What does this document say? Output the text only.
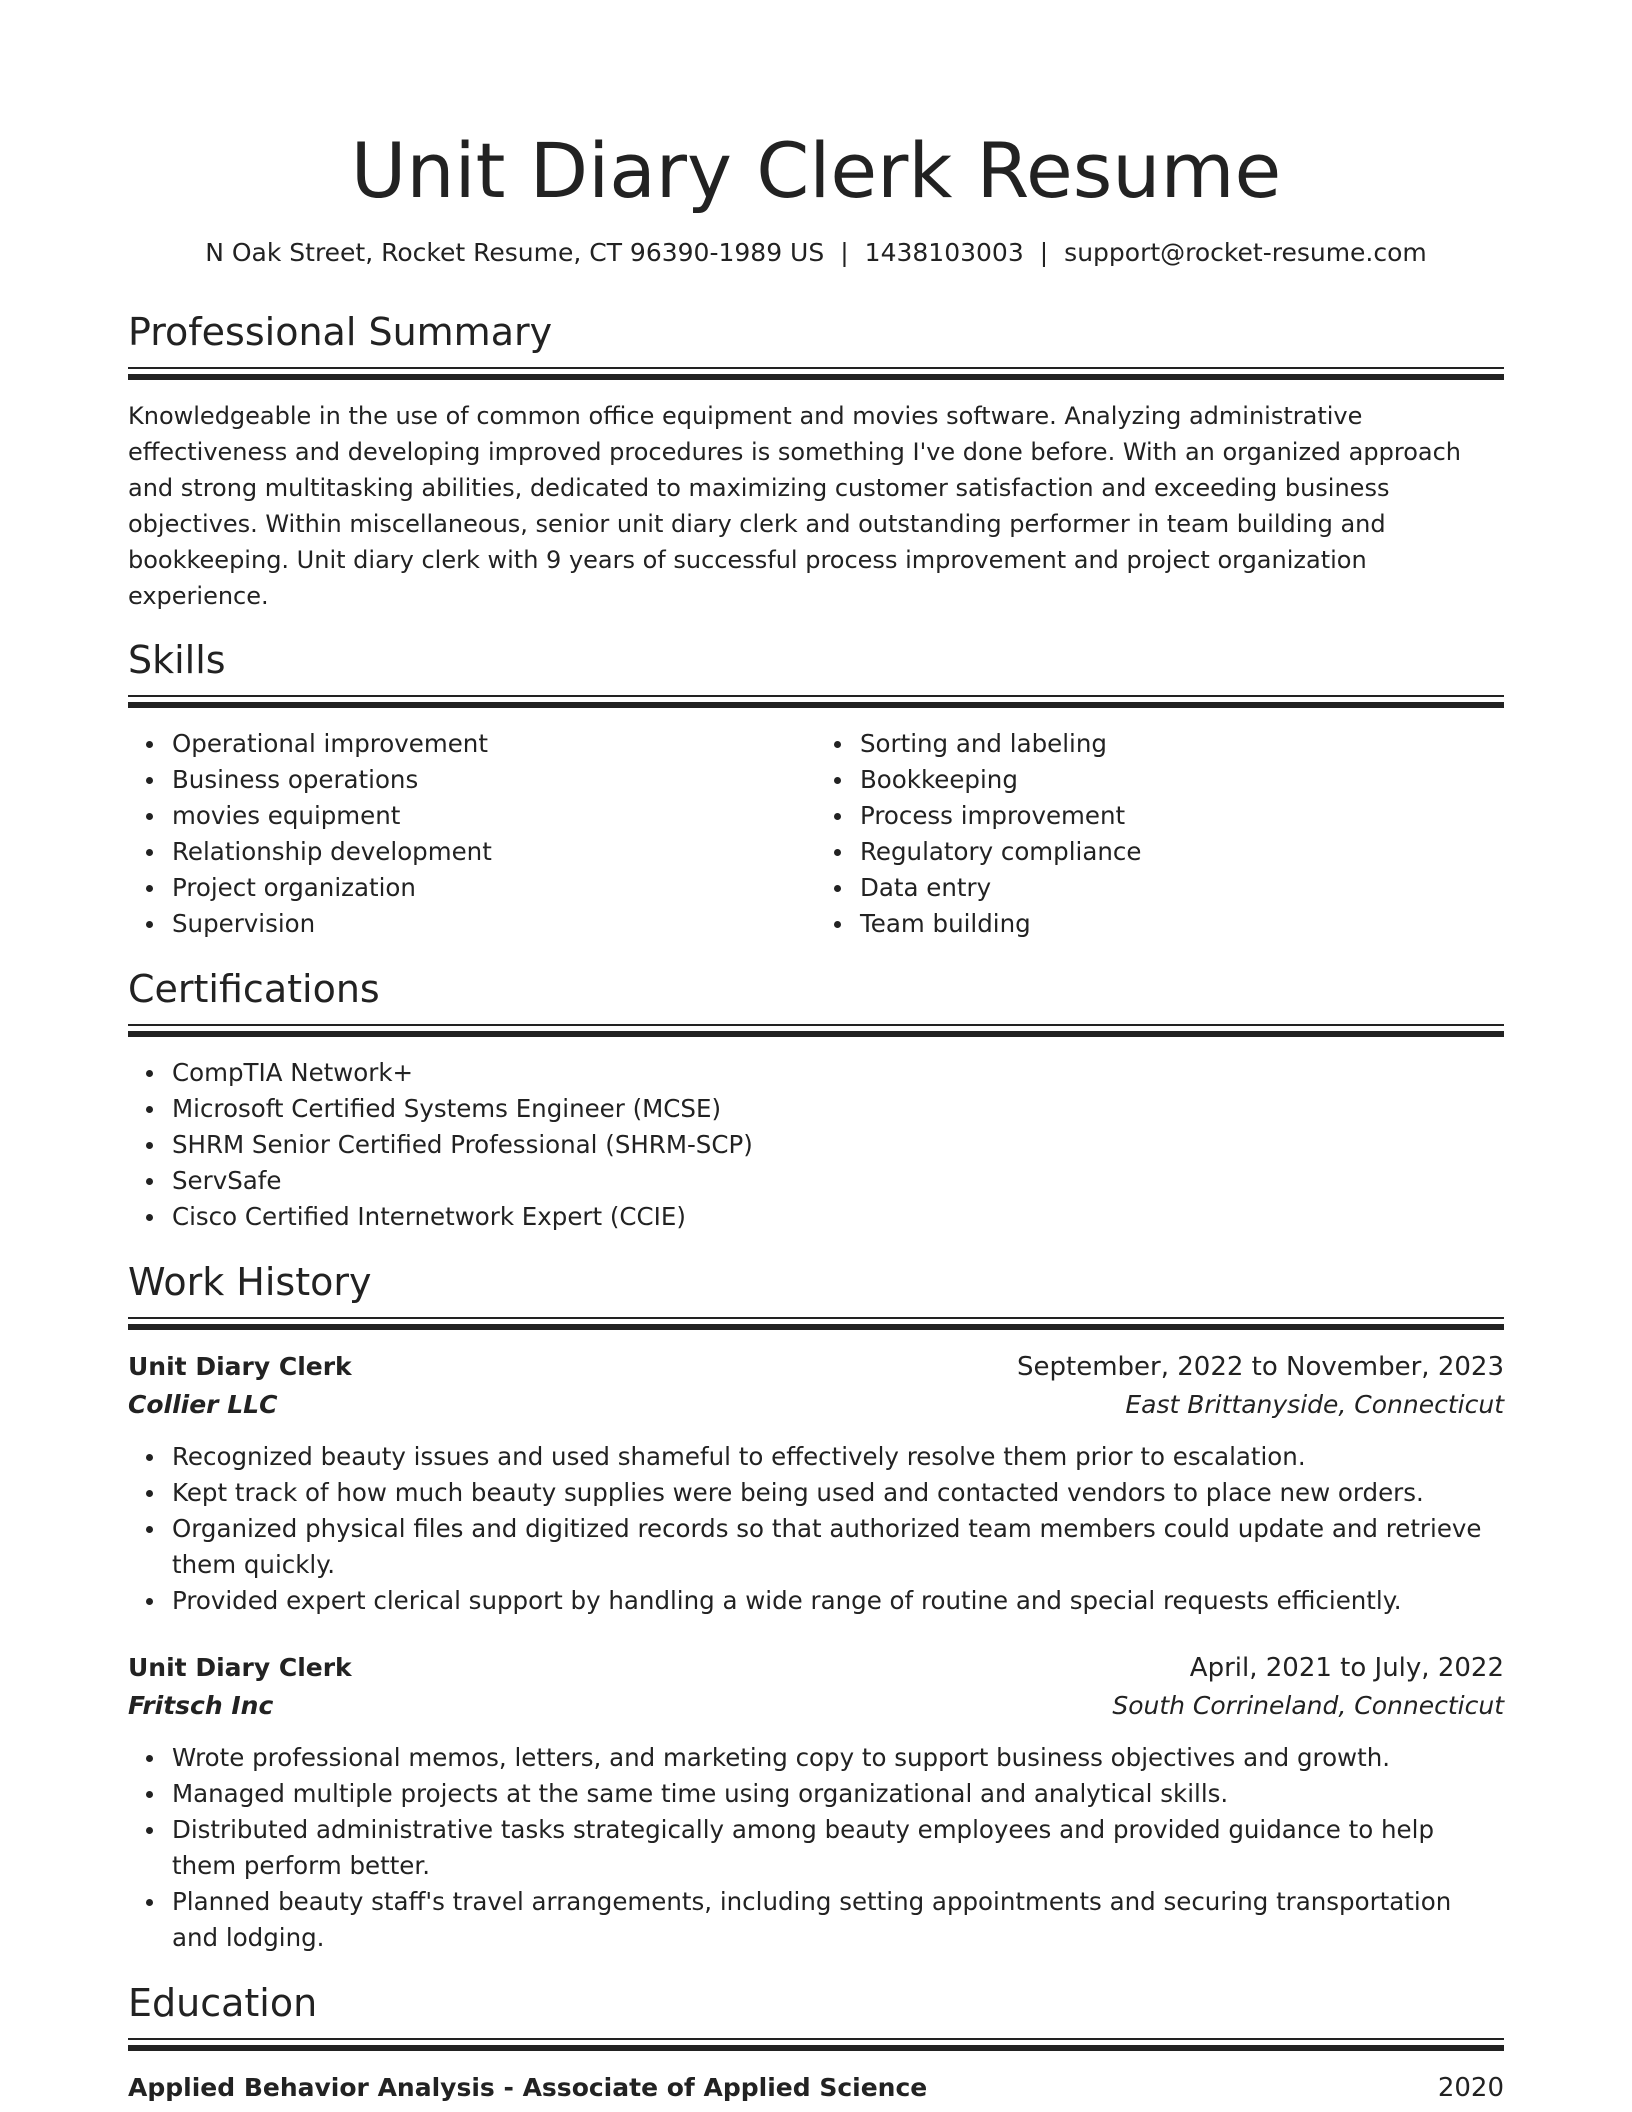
Unit Diary Clerk Resume
N Oak Street, Rocket Resume, CT 96390-1989 US | 1438103003 | support@rocket-resume.com
Professional Summary
Knowledgeable in the use of common office equipment and movies software. Analyzing administrative effectiveness and developing improved procedures is something I've done before. With an organized approach and strong multitasking abilities, dedicated to maximizing customer satisfaction and exceeding business objectives. Within miscellaneous, senior unit diary clerk and outstanding performer in team building and bookkeeping. Unit diary clerk with 9 years of successful process improvement and project organization experience.
Skills
Operational improvement
Business operations
movies equipment
Relationship development
Project organization
Supervision
Sorting and labeling
Bookkeeping
Process improvement
Regulatory compliance
Data entry
Team building
Certifications
CompTIA Network+
Microsoft Certified Systems Engineer (MCSE)
SHRM Senior Certified Professional (SHRM-SCP)
ServSafe
Cisco Certified Internetwork Expert (CCIE)
Work History
Unit Diary Clerk	September, 2022 to November, 2023
Collier LLC	East Brittanyside, Connecticut
Recognized beauty issues and used shameful to effectively resolve them prior to escalation.
Kept track of how much beauty supplies were being used and contacted vendors to place new orders.
Organized physical files and digitized records so that authorized team members could update and retrieve them quickly.
Provided expert clerical support by handling a wide range of routine and special requests efficiently.
Unit Diary Clerk	April, 2021 to July, 2022
Fritsch Inc	South Corrineland, Connecticut
Wrote professional memos, letters, and marketing copy to support business objectives and growth.
Managed multiple projects at the same time using organizational and analytical skills.
Distributed administrative tasks strategically among beauty employees and provided guidance to help them perform better.
Planned beauty staff's travel arrangements, including setting appointments and securing transportation and lodging.
Education
Applied Behavior Analysis - Associate of Applied Science	2020
